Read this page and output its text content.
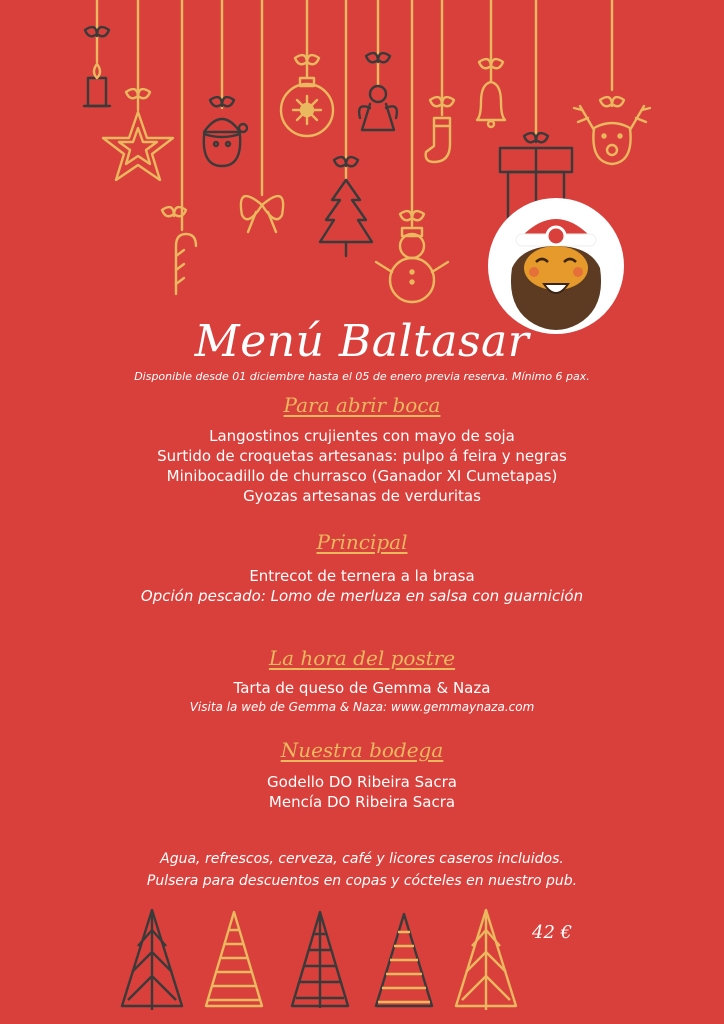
Menú Baltasar
Disponible desde 01 diciembre hasta el 05 de enero previa reserva. Mínimo 6 pax.
Para abrir boca
Langostinos crujientes con mayo de soja
Surtido de croquetas artesanas: pulpo á feira y negras
Minibocadillo de churrasco (Ganador XI Cumetapas)
Gyozas artesanas de verduritas
Principal
Entrecot de ternera a la brasa
Opción pescado: Lomo de merluza en salsa con guarnición
La hora del postre
Tarta de queso de Gemma & Naza
Visita la web de Gemma & Naza: www.gemmaynaza.com
Nuestra bodega
Godello DO Ribeira Sacra
Mencía DO Ribeira Sacra
Agua, refrescos, cerveza, café y licores caseros incluidos.
Pulsera para descuentos en copas y cócteles en nuestro pub.
42 €
